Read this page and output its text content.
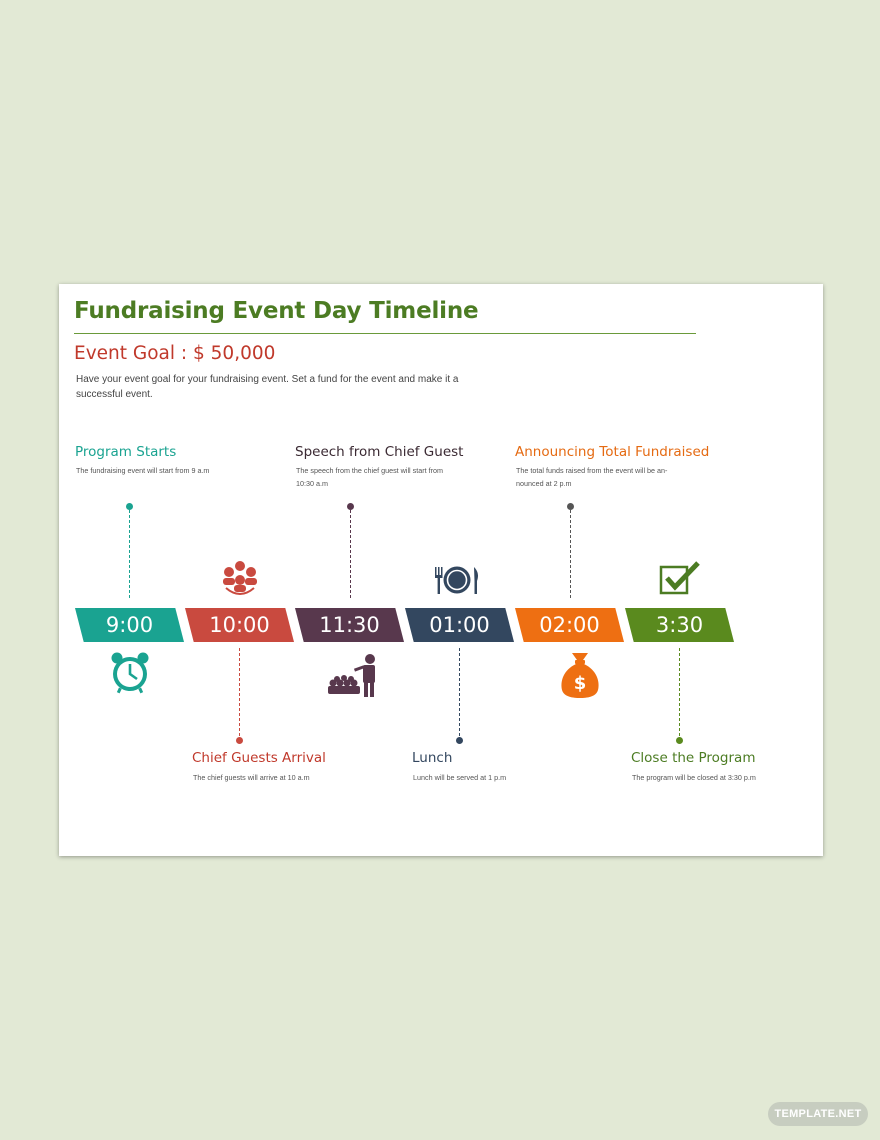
Fundraising Event Day Timeline
Event Goal : $ 50,000
Have your event goal for your fundraising event. Set a fund for the event and make it a successful event.
Program Starts
The fundraising event will start from 9 a.m
Speech from Chief Guest
The speech from the chief guest will start from
10:30 a.m
Announcing Total Fundraised
The total funds raised from the event will be an-
nounced at 2 p.m
9:00	10:00	11:30	01:00	02:00	3:30
$
Chief Guests Arrival
The chief guests will arrive at 10 a.m
Lunch
Lunch will be served at 1 p.m
Close the Program
The program will be closed at 3:30 p.m
TEMPLATE.NET
